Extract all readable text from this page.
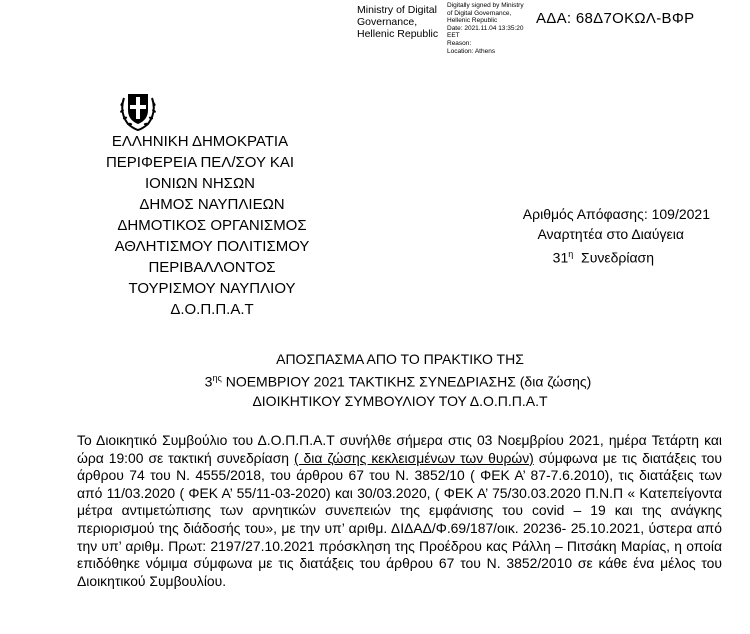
Ministry of Digital
Governance,
Hellenic Republic
Digitally signed by Ministry
of Digital Governance,
Hellenic Republic
Date: 2021.11.04 13:35:20
EET
Reason:
Location: Athens
ΑΔΑ: 68Δ7ΟΚΩΛ-ΒΦΡ
ΕΛΛΗΝΙΚΗ ΔΗΜΟΚΡΑΤΙΑ
ΠΕΡΙΦΕΡΕΙΑ ΠΕΛ/ΣΟΥ ΚΑΙ
ΙΟΝΙΩΝ ΝΗΣΩΝ
ΔΗΜΟΣ ΝΑΥΠΛΙΕΩΝ
ΔΗΜΟΤΙΚΟΣ ΟΡΓΑΝΙΣΜΟΣ
ΑΘΛΗΤΙΣΜΟΥ ΠΟΛΙΤΙΣΜΟΥ
ΠΕΡΙΒΑΛΛΟΝΤΟΣ
ΤΟΥΡΙΣΜΟΥ ΝΑΥΠΛΙΟΥ
Δ.Ο.Π.Π.Α.Τ
Αριθμός Απόφασης: 109/2021
Αναρτητέα στο Διαύγεια
$31^\eta$ Συνεδρίαση
ΑΠΟΣΠΑΣΜΑ ΑΠΟ ΤΟ ΠΡΑΚΤΙΚΟ ΤΗΣ
$3^{\eta\varsigma}$ ΝΟΕΜΒΡΙΟΥ 2021 ΤΑΚΤΙΚΗΣ ΣΥΝΕΔΡΙΑΣΗΣ (δια ζώσης)
ΔΙΟΙΚΗΤΙΚΟΥ ΣΥΜΒΟΥΛΙΟΥ ΤΟΥ Δ.Ο.Π.Π.Α.Τ
Το Διοικητικό Συμβούλιο του Δ.Ο.Π.Π.Α.Τ συνήλθε σήμερα στις 03 Νοεμβρίου 2021, ημέρα Τετάρτη και ώρα 19:00 σε τακτική συνεδρίαση ( δια ζώσης κεκλεισμένων των θυρών) σύμφωνα με τις διατάξεις του άρθρου 74 του Ν. 4555/2018, του άρθρου 67 του Ν. 3852/10 ( ΦΕΚ Α’ 87-7.6.2010), τις διατάξεις των από 11/03.2020 ( ΦΕΚ Α’ 55/11-03-2020) και 30/03.2020, ( ΦΕΚ Α’ 75/30.03.2020 Π.Ν.Π « Κατεπείγοντα μέτρα αντιμετώπισης των αρνητικών συνεπειών της εμφάνισης του covid – 19 και της ανάγκης περιορισμού της διάδοσής του», με την υπ’ αριθμ. ΔΙΔΑΔ/Φ.69/187/οικ. 20236- 25.10.2021, ύστερα από την υπ’ αριθμ. Πρωτ: 2197/27.10.2021 πρόσκληση της Προέδρου κας Ράλλη – Πιτσάκη Μαρίας, η οποία επιδόθηκε νόμιμα σύμφωνα με τις διατάξεις του άρθρου 67 του Ν. 3852/2010 σε κάθε ένα μέλος του Διοικητικού Συμβουλίου.
